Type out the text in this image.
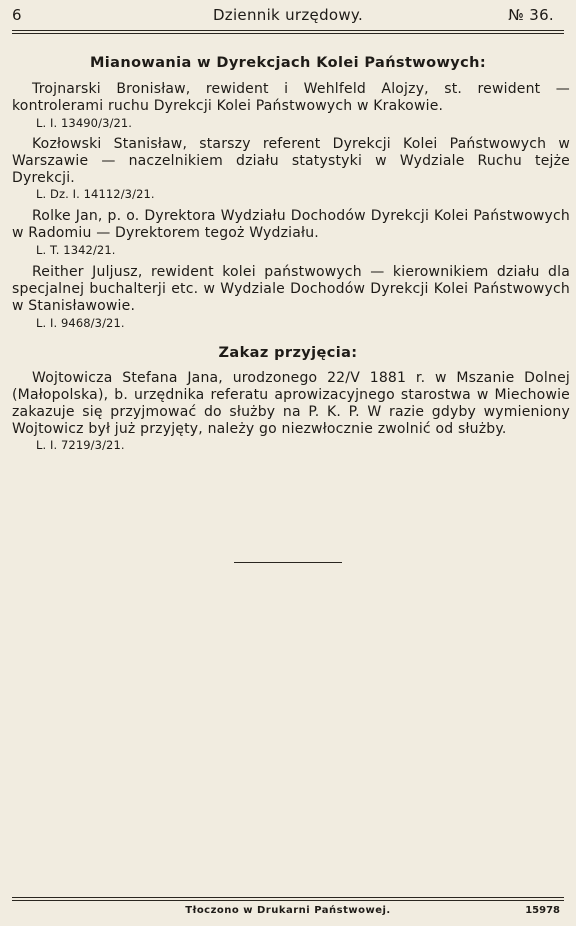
6	Dziennik urzędowy.	№ 36.
Mianowania w Dyrekcjach Kolei Państwowych:

Trojnarski Bronisław, rewident i Wehlfeld Alojzy, st. rewident — kontrolerami ruchu Dyrekcji Kolei Państwowych w Krakowie.

L. I. 13490/3/21.

Kozłowski Stanisław, starszy referent Dyrekcji Kolei Państwowych w Warszawie — naczelnikiem działu statystyki w Wydziale Ruchu tejże Dyrekcji.

L. Dz. I. 14112/3/21.

Rolke Jan, p. o. Dyrektora Wydziału Dochodów Dyrekcji Kolei Państwowych w Radomiu — Dyrektorem tegoż Wydziału.

L. T. 1342/21.

Reither Juljusz, rewident kolei państwowych — kierownikiem działu dla specjalnej buchalterji etc. w Wydziale Dochodów Dyrekcji Kolei Państwowych w Stanisławowie.

L. I. 9468/3/21.
Zakaz przyjęcia:

Wojtowicza Stefana Jana, urodzonego 22/V 1881 r. w Mszanie Dolnej (Małopolska), b. urzędnika referatu aprowizacyjnego starostwa w Miechowie zakazuje się przyjmować do służby na P. K. P. W razie gdyby wymieniony Wojtowicz był już przyjęty, należy go niezwłocznie zwolnić od służby.

L. I. 7219/3/21.
Tłoczono w Drukarni Państwowej.	15978
